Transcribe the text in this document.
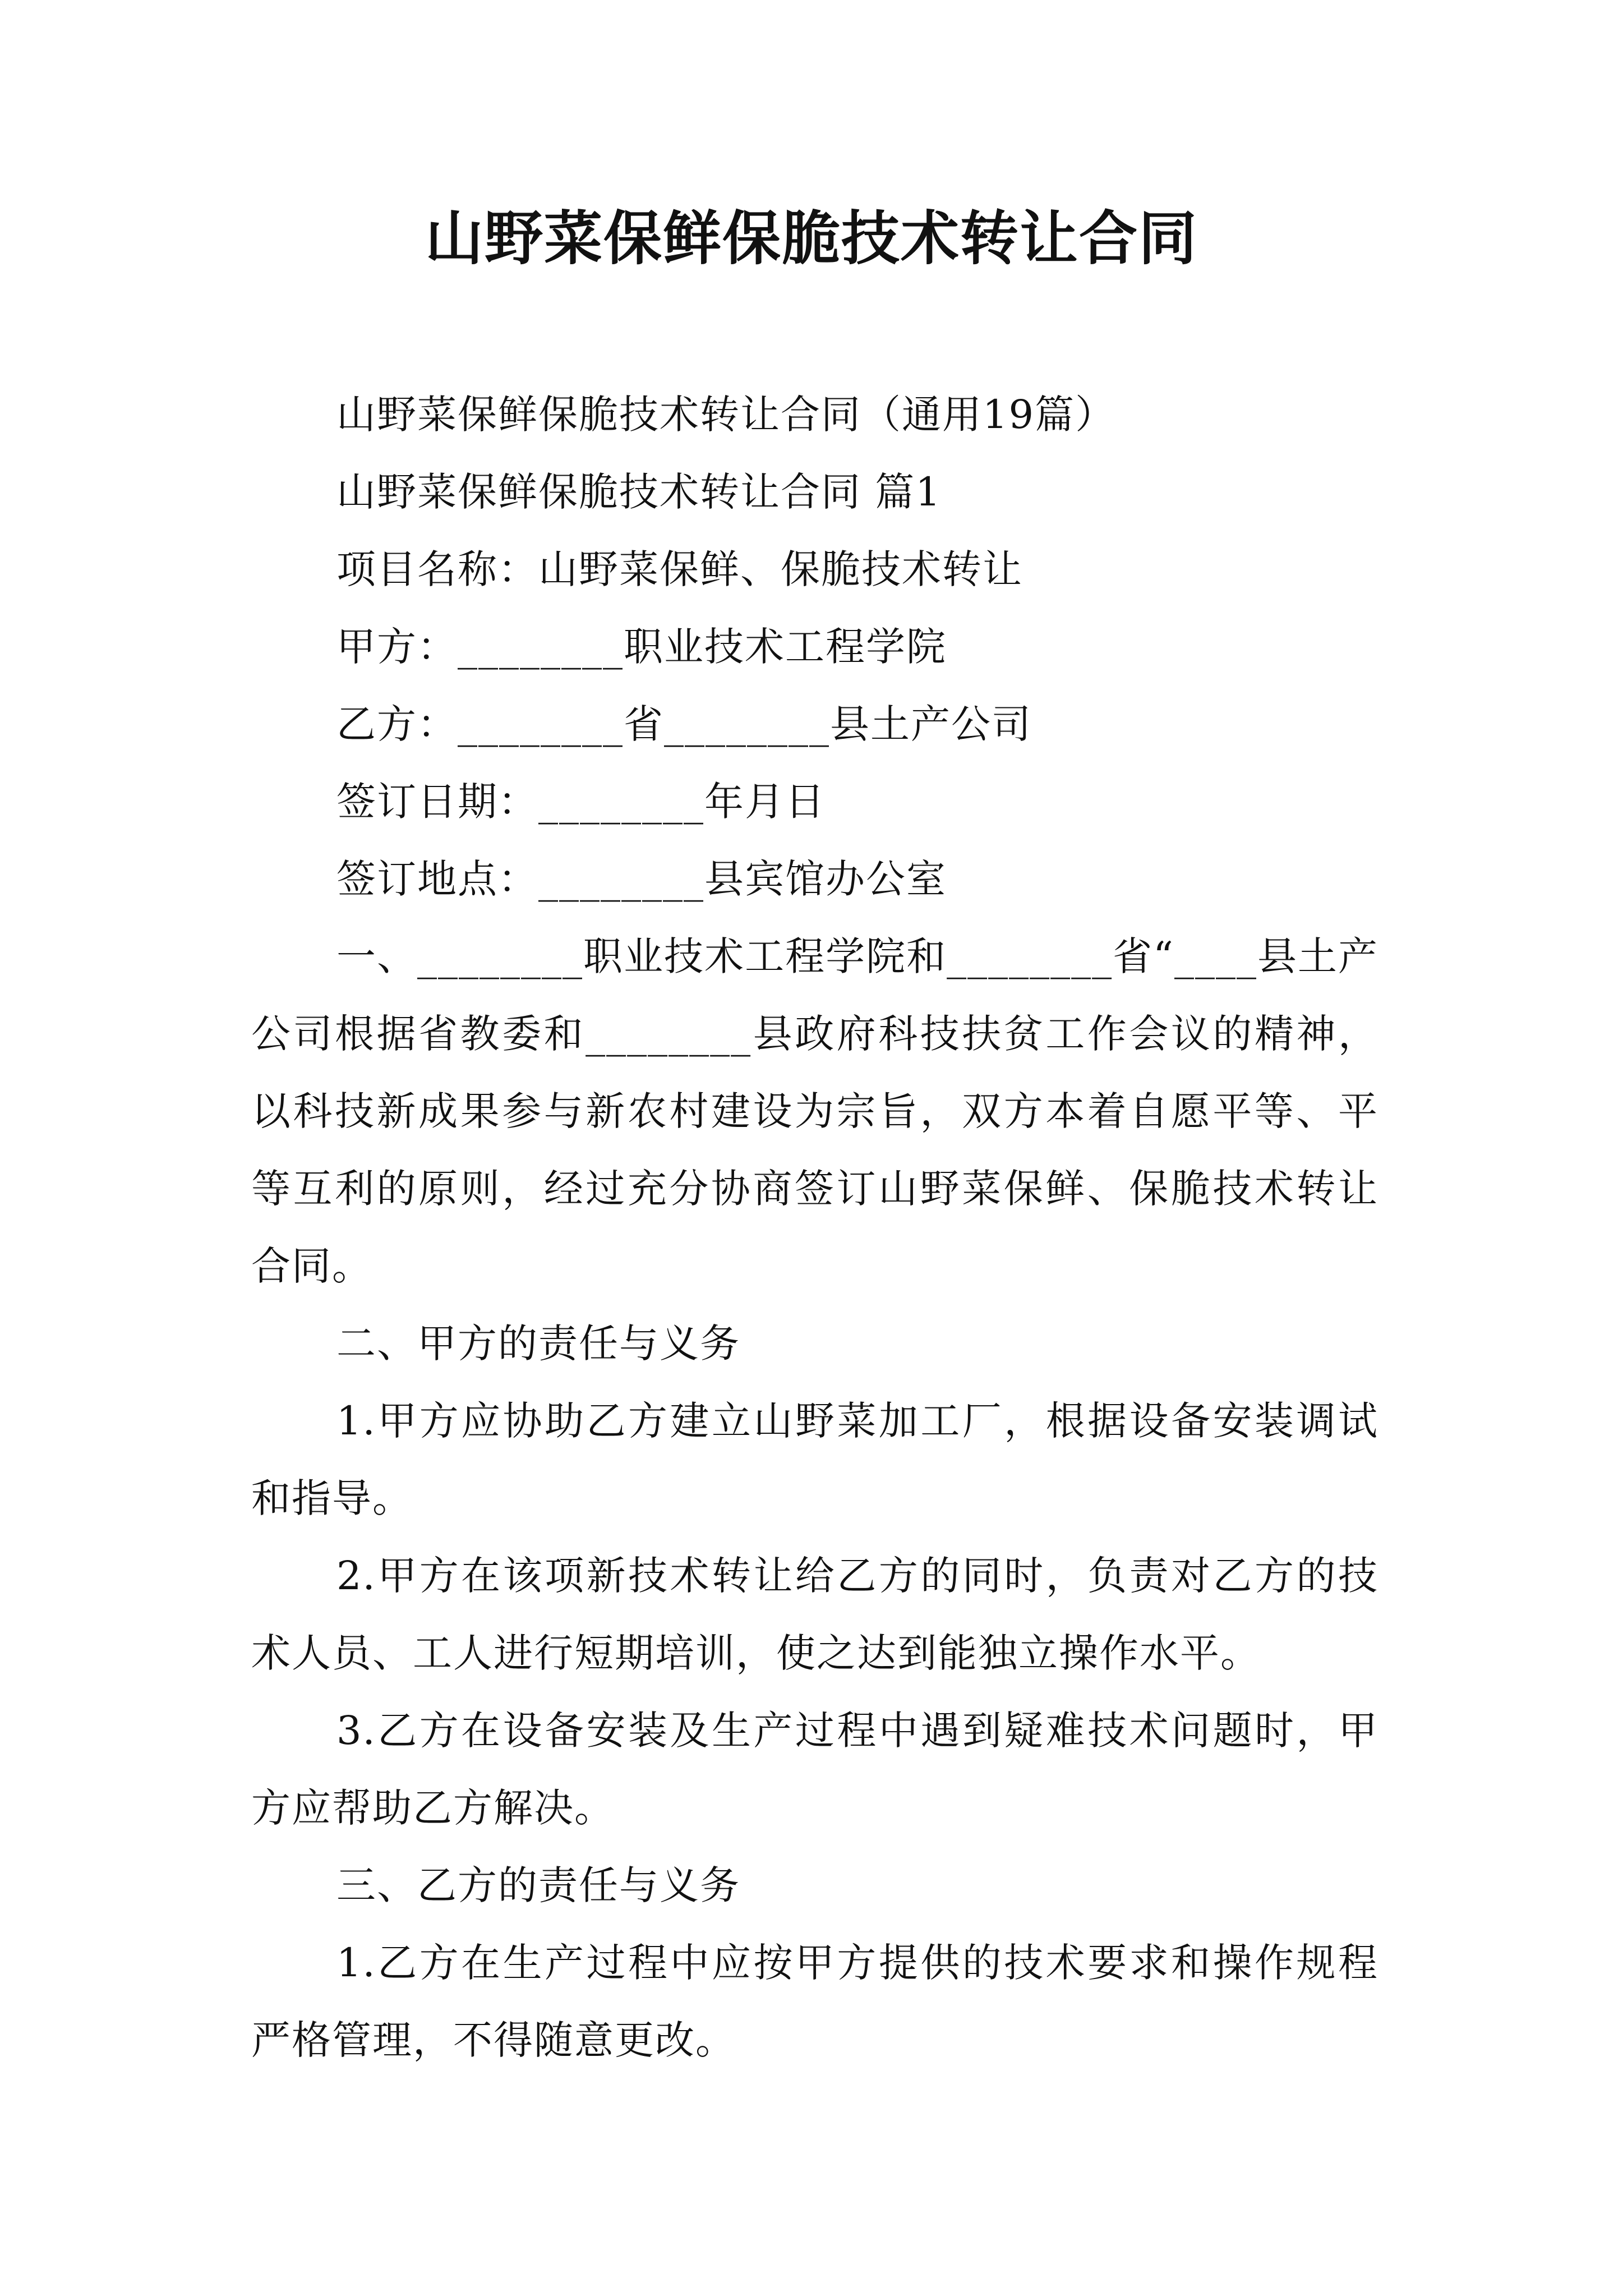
山野菜保鲜保脆技术转让合同

山野菜保鲜保脆技术转让合同（通用19篇）

山野菜保鲜保脆技术转让合同 篇1

项目名称：山野菜保鲜、保脆技术转让

甲方：________职业技术工程学院

乙方：________省________县土产公司

签订日期：________年月日

签订地点：________县宾馆办公室

一、________职业技术工程学院和________省“____县土产公司根据省教委和________县政府科技扶贫工作会议的精神，以科技新成果参与新农村建设为宗旨，双方本着自愿平等、平等互利的原则，经过充分协商签订山野菜保鲜、保脆技术转让合同。

二、甲方的责任与义务

1.甲方应协助乙方建立山野菜加工厂，根据设备安装调试和指导。

2.甲方在该项新技术转让给乙方的同时，负责对乙方的技术人员、工人进行短期培训，使之达到能独立操作水平。

3.乙方在设备安装及生产过程中遇到疑难技术问题时，甲方应帮助乙方解决。

三、乙方的责任与义务

1.乙方在生产过程中应按甲方提供的技术要求和操作规程严格管理，不得随意更改。
